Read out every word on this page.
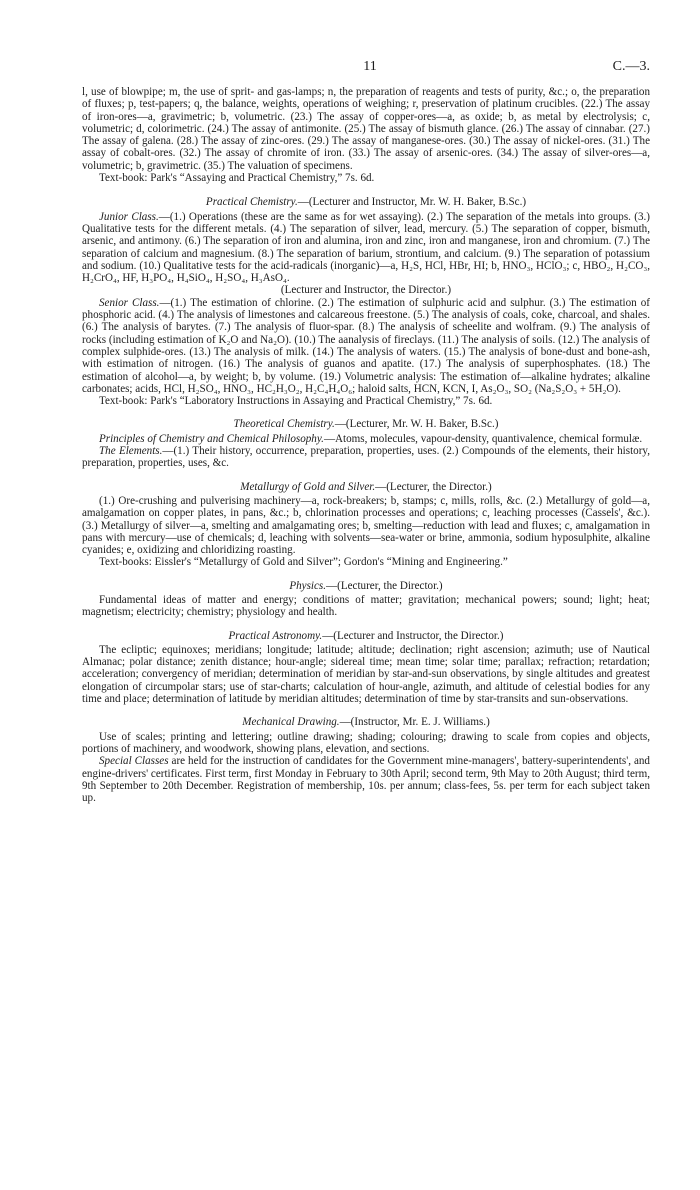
11	C.—3.

l, use of blowpipe; m, the use of sprit- and gas-lamps; n, the preparation of reagents and tests of purity, &c.; o, the preparation of fluxes; p, test-papers; q, the balance, weights, operations of weighing; r, preservation of platinum crucibles. (22.) The assay of iron-ores—a, gravimetric; b, volumetric. (23.) The assay of copper-ores—a, as oxide; b, as metal by electrolysis; c, volumetric; d, colorimetric. (24.) The assay of antimonite. (25.) The assay of bismuth glance. (26.) The assay of cinnabar. (27.) The assay of galena. (28.) The assay of zinc-ores. (29.) The assay of manganese-ores. (30.) The assay of nickel-ores. (31.) The assay of cobalt-ores. (32.) The assay of chromite of iron. (33.) The assay of arsenic-ores. (34.) The assay of silver-ores—a, volumetric; b, gravimetric. (35.) The valuation of specimens.

Text-book: Park's “Assaying and Practical Chemistry,” 7s. 6d.

Practical Chemistry.—(Lecturer and Instructor, Mr. W. H. Baker, B.Sc.)

Junior Class.—(1.) Operations (these are the same as for wet assaying). (2.) The separation of the metals into groups. (3.) Qualitative tests for the different metals. (4.) The separation of silver, lead, mercury. (5.) The separation of copper, bismuth, arsenic, and antimony. (6.) The separation of iron and alumina, iron and zinc, iron and manganese, iron and chromium. (7.) The separation of calcium and magnesium. (8.) The separation of barium, strontium, and calcium. (9.) The separation of potassium and sodium. (10.) Qualitative tests for the acid-radicals (inorganic)—a, H₂S, HCl, HBr, HI; b, HNO₃, HClO₃; c, HBO₂, H₂CO₃, H₂CrO₄, HF, H₃PO₄, H₄SiO₄, H₂SO₄, H₃AsO₄.

(Lecturer and Instructor, the Director.)

Senior Class.—(1.) The estimation of chlorine. (2.) The estimation of sulphuric acid and sulphur. (3.) The estimation of phosphoric acid. (4.) The analysis of limestones and calcareous freestone. (5.) The analysis of coals, coke, charcoal, and shales. (6.) The analysis of barytes. (7.) The analysis of fluor-spar. (8.) The analysis of scheelite and wolfram. (9.) The analysis of rocks (including estimation of K₂O and Na₂O). (10.) The aanalysis of fireclays. (11.) The analysis of soils. (12.) The analysis of complex sulphide-ores. (13.) The analysis of milk. (14.) The analysis of waters. (15.) The analysis of bone-dust and bone-ash, with estimation of nitrogen. (16.) The analysis of guanos and apatite. (17.) The analysis of superphosphates. (18.) The estimation of alcohol—a, by weight; b, by volume. (19.) Volumetric analysis: The estimation of—alkaline hydrates; alkaline carbonates; acids, HCl, H₂SO₄, HNO₃, HC₂H₃O₂, H₂C₄H₄O₆; haloid salts, HCN, KCN, I, As₂O₃, SO₂ (Na₂S₂O₃ + 5H₂O).

Text-book: Park's “Laboratory Instructions in Assaying and Practical Chemistry,” 7s. 6d.

Theoretical Chemistry.—(Lecturer, Mr. W. H. Baker, B.Sc.)

Principles of Chemistry and Chemical Philosophy.—Atoms, molecules, vapour-density, quantivalence, chemical formulæ.

The Elements.—(1.) Their history, occurrence, preparation, properties, uses. (2.) Compounds of the elements, their history, preparation, properties, uses, &c.

Metallurgy of Gold and Silver.—(Lecturer, the Director.)

(1.) Ore-crushing and pulverising machinery—a, rock-breakers; b, stamps; c, mills, rolls, &c. (2.) Metallurgy of gold—a, amalgamation on copper plates, in pans, &c.; b, chlorination processes and operations; c, leaching processes (Cassels', &c.). (3.) Metallurgy of silver—a, smelting and amalgamating ores; b, smelting—reduction with lead and fluxes; c, amalgamation in pans with mercury—use of chemicals; d, leaching with solvents—sea-water or brine, ammonia, sodium hyposulphite, alkaline cyanides; e, oxidizing and chloridizing roasting.

Text-books: Eissler's “Metallurgy of Gold and Silver”; Gordon's “Mining and Engineering.”

Physics.—(Lecturer, the Director.)

Fundamental ideas of matter and energy; conditions of matter; gravitation; mechanical powers; sound; light; heat; magnetism; electricity; chemistry; physiology and health.

Practical Astronomy.—(Lecturer and Instructor, the Director.)

The ecliptic; equinoxes; meridians; longitude; latitude; altitude; declination; right ascension; azimuth; use of Nautical Almanac; polar distance; zenith distance; hour-angle; sidereal time; mean time; solar time; parallax; refraction; retardation; acceleration; convergency of meridian; determination of meridian by star-and-sun observations, by single altitudes and greatest elongation of circumpolar stars; use of star-charts; calculation of hour-angle, azimuth, and altitude of celestial bodies for any time and place; determination of latitude by meridian altitudes; determination of time by star-transits and sun-observations.

Mechanical Drawing.—(Instructor, Mr. E. J. Williams.)

Use of scales; printing and lettering; outline drawing; shading; colouring; drawing to scale from copies and objects, portions of machinery, and woodwork, showing plans, elevation, and sections.

Special Classes are held for the instruction of candidates for the Government mine-managers', battery-superintendents', and engine-drivers' certificates. First term, first Monday in February to 30th April; second term, 9th May to 20th August; third term, 9th September to 20th December. Registration of membership, 10s. per annum; class-fees, 5s. per term for each subject taken up.
